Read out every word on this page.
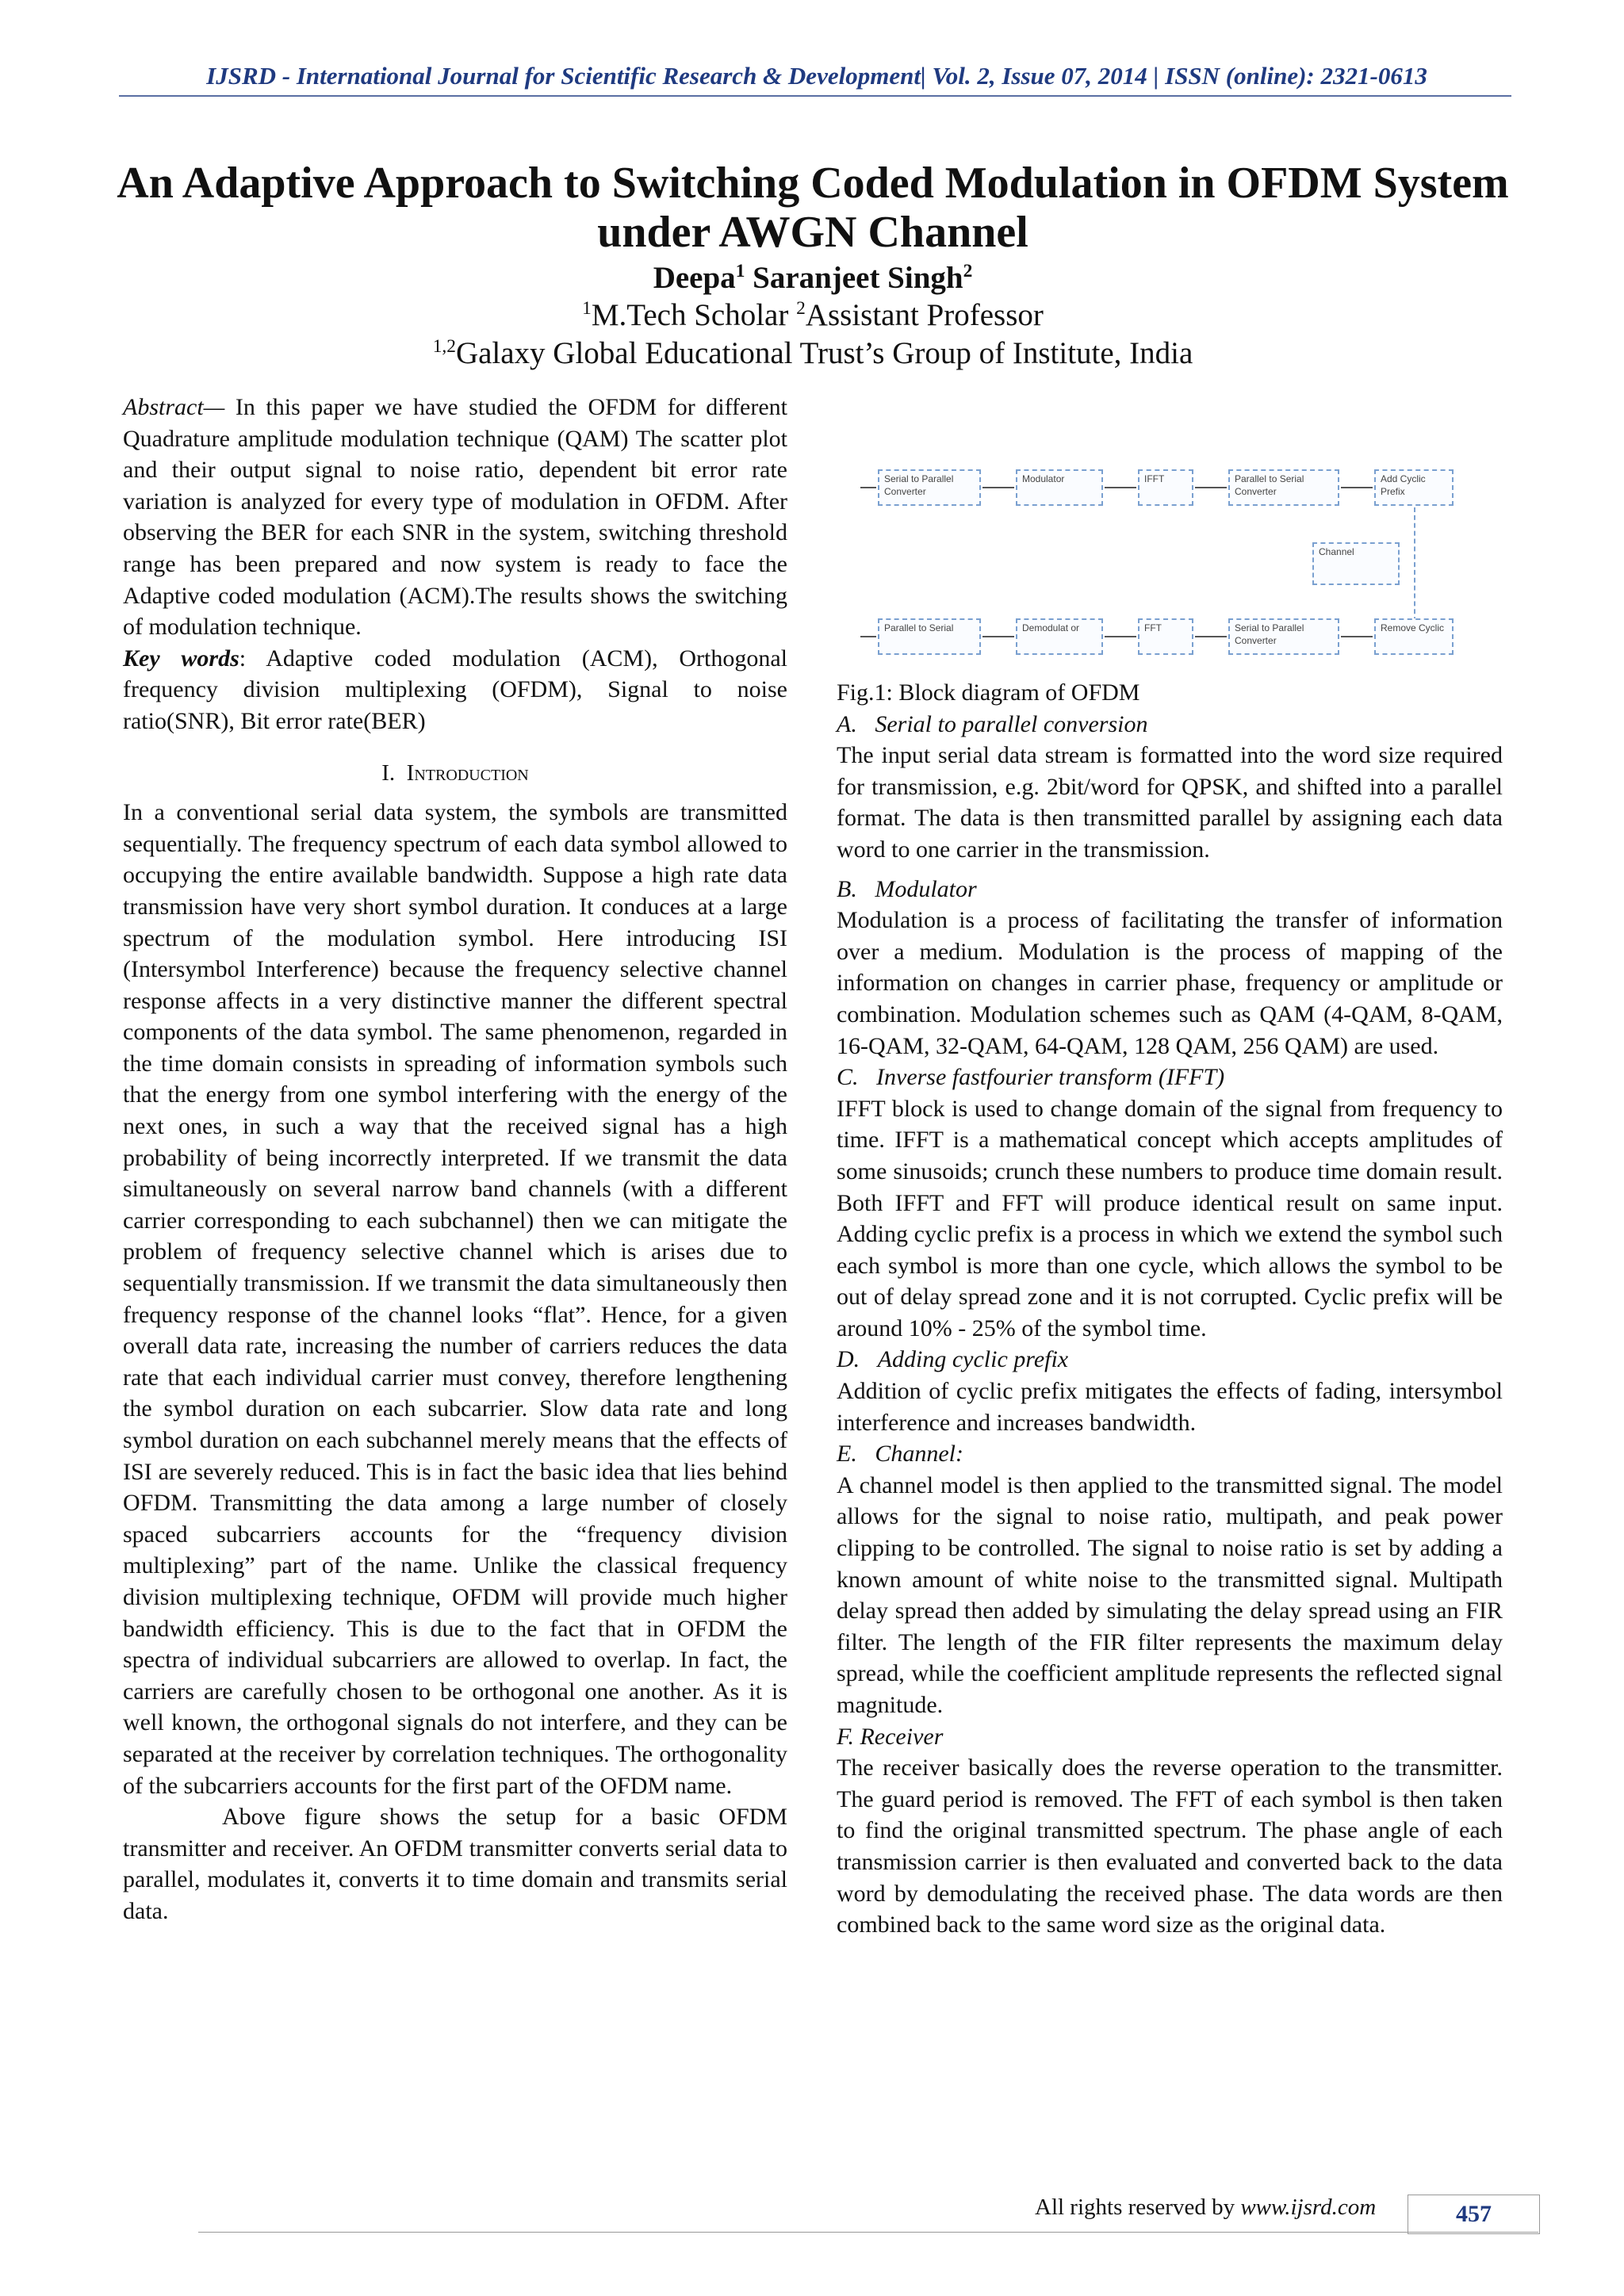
IJSRD - International Journal for Scientific Research & Development| Vol. 2, Issue 07, 2014 | ISSN (online): 2321-0613
An Adaptive Approach to Switching Coded Modulation in OFDM System under AWGN Channel
Deepa$^1$ Saranjeet Singh$^2$
$^1$M.Tech Scholar $^2$Assistant Professor
$^{1,2}$Galaxy Global Educational Trust’s Group of Institute, India

Abstract— In this paper we have studied the OFDM for different Quadrature amplitude modulation technique (QAM) The scatter plot and their output signal to noise ratio, dependent bit error rate variation is analyzed for every type of modulation in OFDM. After observing the BER for each SNR in the system, switching threshold range has been prepared and now system is ready to face the Adaptive coded modulation (ACM).The results shows the switching of modulation technique.

Key words: Adaptive coded modulation (ACM), Orthogonal frequency division multiplexing (OFDM), Signal to noise ratio(SNR), Bit error rate(BER)

I. Introduction

In a conventional serial data system, the symbols are transmitted sequentially. The frequency spectrum of each data symbol allowed to occupying the entire available bandwidth. Suppose a high rate data transmission have very short symbol duration. It conduces at a large spectrum of the modulation symbol. Here introducing ISI (Intersymbol Interference) because the frequency selective channel response affects in a very distinctive manner the different spectral components of the data symbol. The same phenomenon, regarded in the time domain consists in spreading of information symbols such that the energy from one symbol interfering with the energy of the next ones, in such a way that the received signal has a high probability of being incorrectly interpreted. If we transmit the data simultaneously on several narrow band channels (with a different carrier corresponding to each subchannel) then we can mitigate the problem of frequency selective channel which is arises due to sequentially transmission. If we transmit the data simultaneously then frequency response of the channel looks “flat”. Hence, for a given overall data rate, increasing the number of carriers reduces the data rate that each individual carrier must convey, therefore lengthening the symbol duration on each subcarrier. Slow data rate and long symbol duration on each subchannel merely means that the effects of ISI are severely reduced. This is in fact the basic idea that lies behind OFDM. Transmitting the data among a large number of closely spaced subcarriers accounts for the “frequency division multiplexing” part of the name. Unlike the classical frequency division multiplexing technique, OFDM will provide much higher bandwidth efficiency. This is due to the fact that in OFDM the spectra of individual subcarriers are allowed to overlap. In fact, the carriers are carefully chosen to be orthogonal one another. As it is well known, the orthogonal signals do not interfere, and they can be separated at the receiver by correlation techniques. The orthogonality of the subcarriers accounts for the first part of the OFDM name.

Above figure shows the setup for a basic OFDM transmitter and receiver. An OFDM transmitter converts serial data to parallel, modulates it, converts it to time domain and transmits serial data.

Serial to Parallel Converter
Modulator	IFFT	Parallel to Serial Converter
Add Cyclic Prefix
Channel
Remove Cyclic
Serial to Parallel Converter
FFT
Demodulat or
Parallel to Serial

Fig.1: Block diagram of OFDM

A. Serial to parallel conversion

The input serial data stream is formatted into the word size required for transmission, e.g. 2bit/word for QPSK, and shifted into a parallel format. The data is then transmitted parallel by assigning each data word to one carrier in the transmission.

B. Modulator

Modulation is a process of facilitating the transfer of information over a medium. Modulation is the process of mapping of the information on changes in carrier phase, frequency or amplitude or combination. Modulation schemes such as QAM (4-QAM, 8-QAM, 16-QAM, 32-QAM, 64-QAM, 128 QAM, 256 QAM) are used.

C. Inverse fastfourier transform (IFFT)

IFFT block is used to change domain of the signal from frequency to time. IFFT is a mathematical concept which accepts amplitudes of some sinusoids; crunch these numbers to produce time domain result. Both IFFT and FFT will produce identical result on same input. Adding cyclic prefix is a process in which we extend the symbol such each symbol is more than one cycle, which allows the symbol to be out of delay spread zone and it is not corrupted. Cyclic prefix will be around 10% - 25% of the symbol time.

D. Adding cyclic prefix

Addition of cyclic prefix mitigates the effects of fading, intersymbol interference and increases bandwidth.

E. Channel:

A channel model is then applied to the transmitted signal. The model allows for the signal to noise ratio, multipath, and peak power clipping to be controlled. The signal to noise ratio is set by adding a known amount of white noise to the transmitted signal. Multipath delay spread then added by simulating the delay spread using an FIR filter. The length of the FIR filter represents the maximum delay spread, while the coefficient amplitude represents the reflected signal magnitude.

F. Receiver

The receiver basically does the reverse operation to the transmitter. The guard period is removed. The FFT of each symbol is then taken to find the original transmitted spectrum. The phase angle of each transmission carrier is then evaluated and converted back to the data word by demodulating the received phase. The data words are then combined back to the same word size as the original data.

All rights reserved by www.ijsrd.com	457
